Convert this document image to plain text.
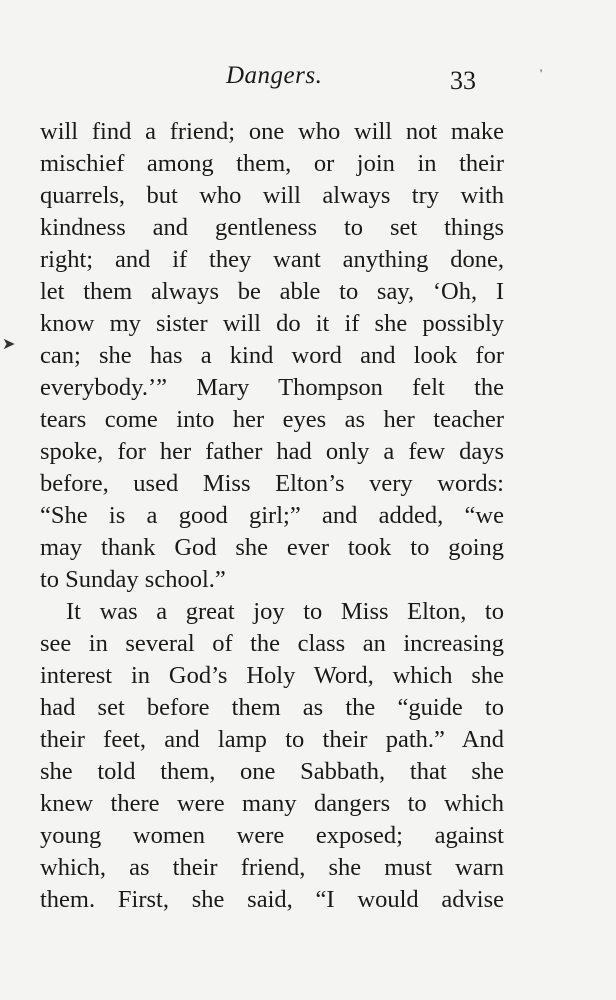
Dangers.	33	'
➤
will find a friend; one who will not make
mischief among them, or join in their
quarrels, but who will always try with
kindness and gentleness to set things
right; and if they want anything done,
let them always be able to say, ‘Oh, I
know my sister will do it if she possibly
can; she has a kind word and look for
everybody.’” Mary Thompson felt the
tears come into her eyes as her teacher
spoke, for her father had only a few days
before, used Miss Elton’s very words:
“She is a good girl;” and added, “we
may thank God she ever took to going
to Sunday school.”
It was a great joy to Miss Elton, to
see in several of the class an increasing
interest in God’s Holy Word, which she
had set before them as the “guide to
their feet, and lamp to their path.” And
she told them, one Sabbath, that she
knew there were many dangers to which
young women were exposed; against
which, as their friend, she must warn
them. First, she said, “I would advise
